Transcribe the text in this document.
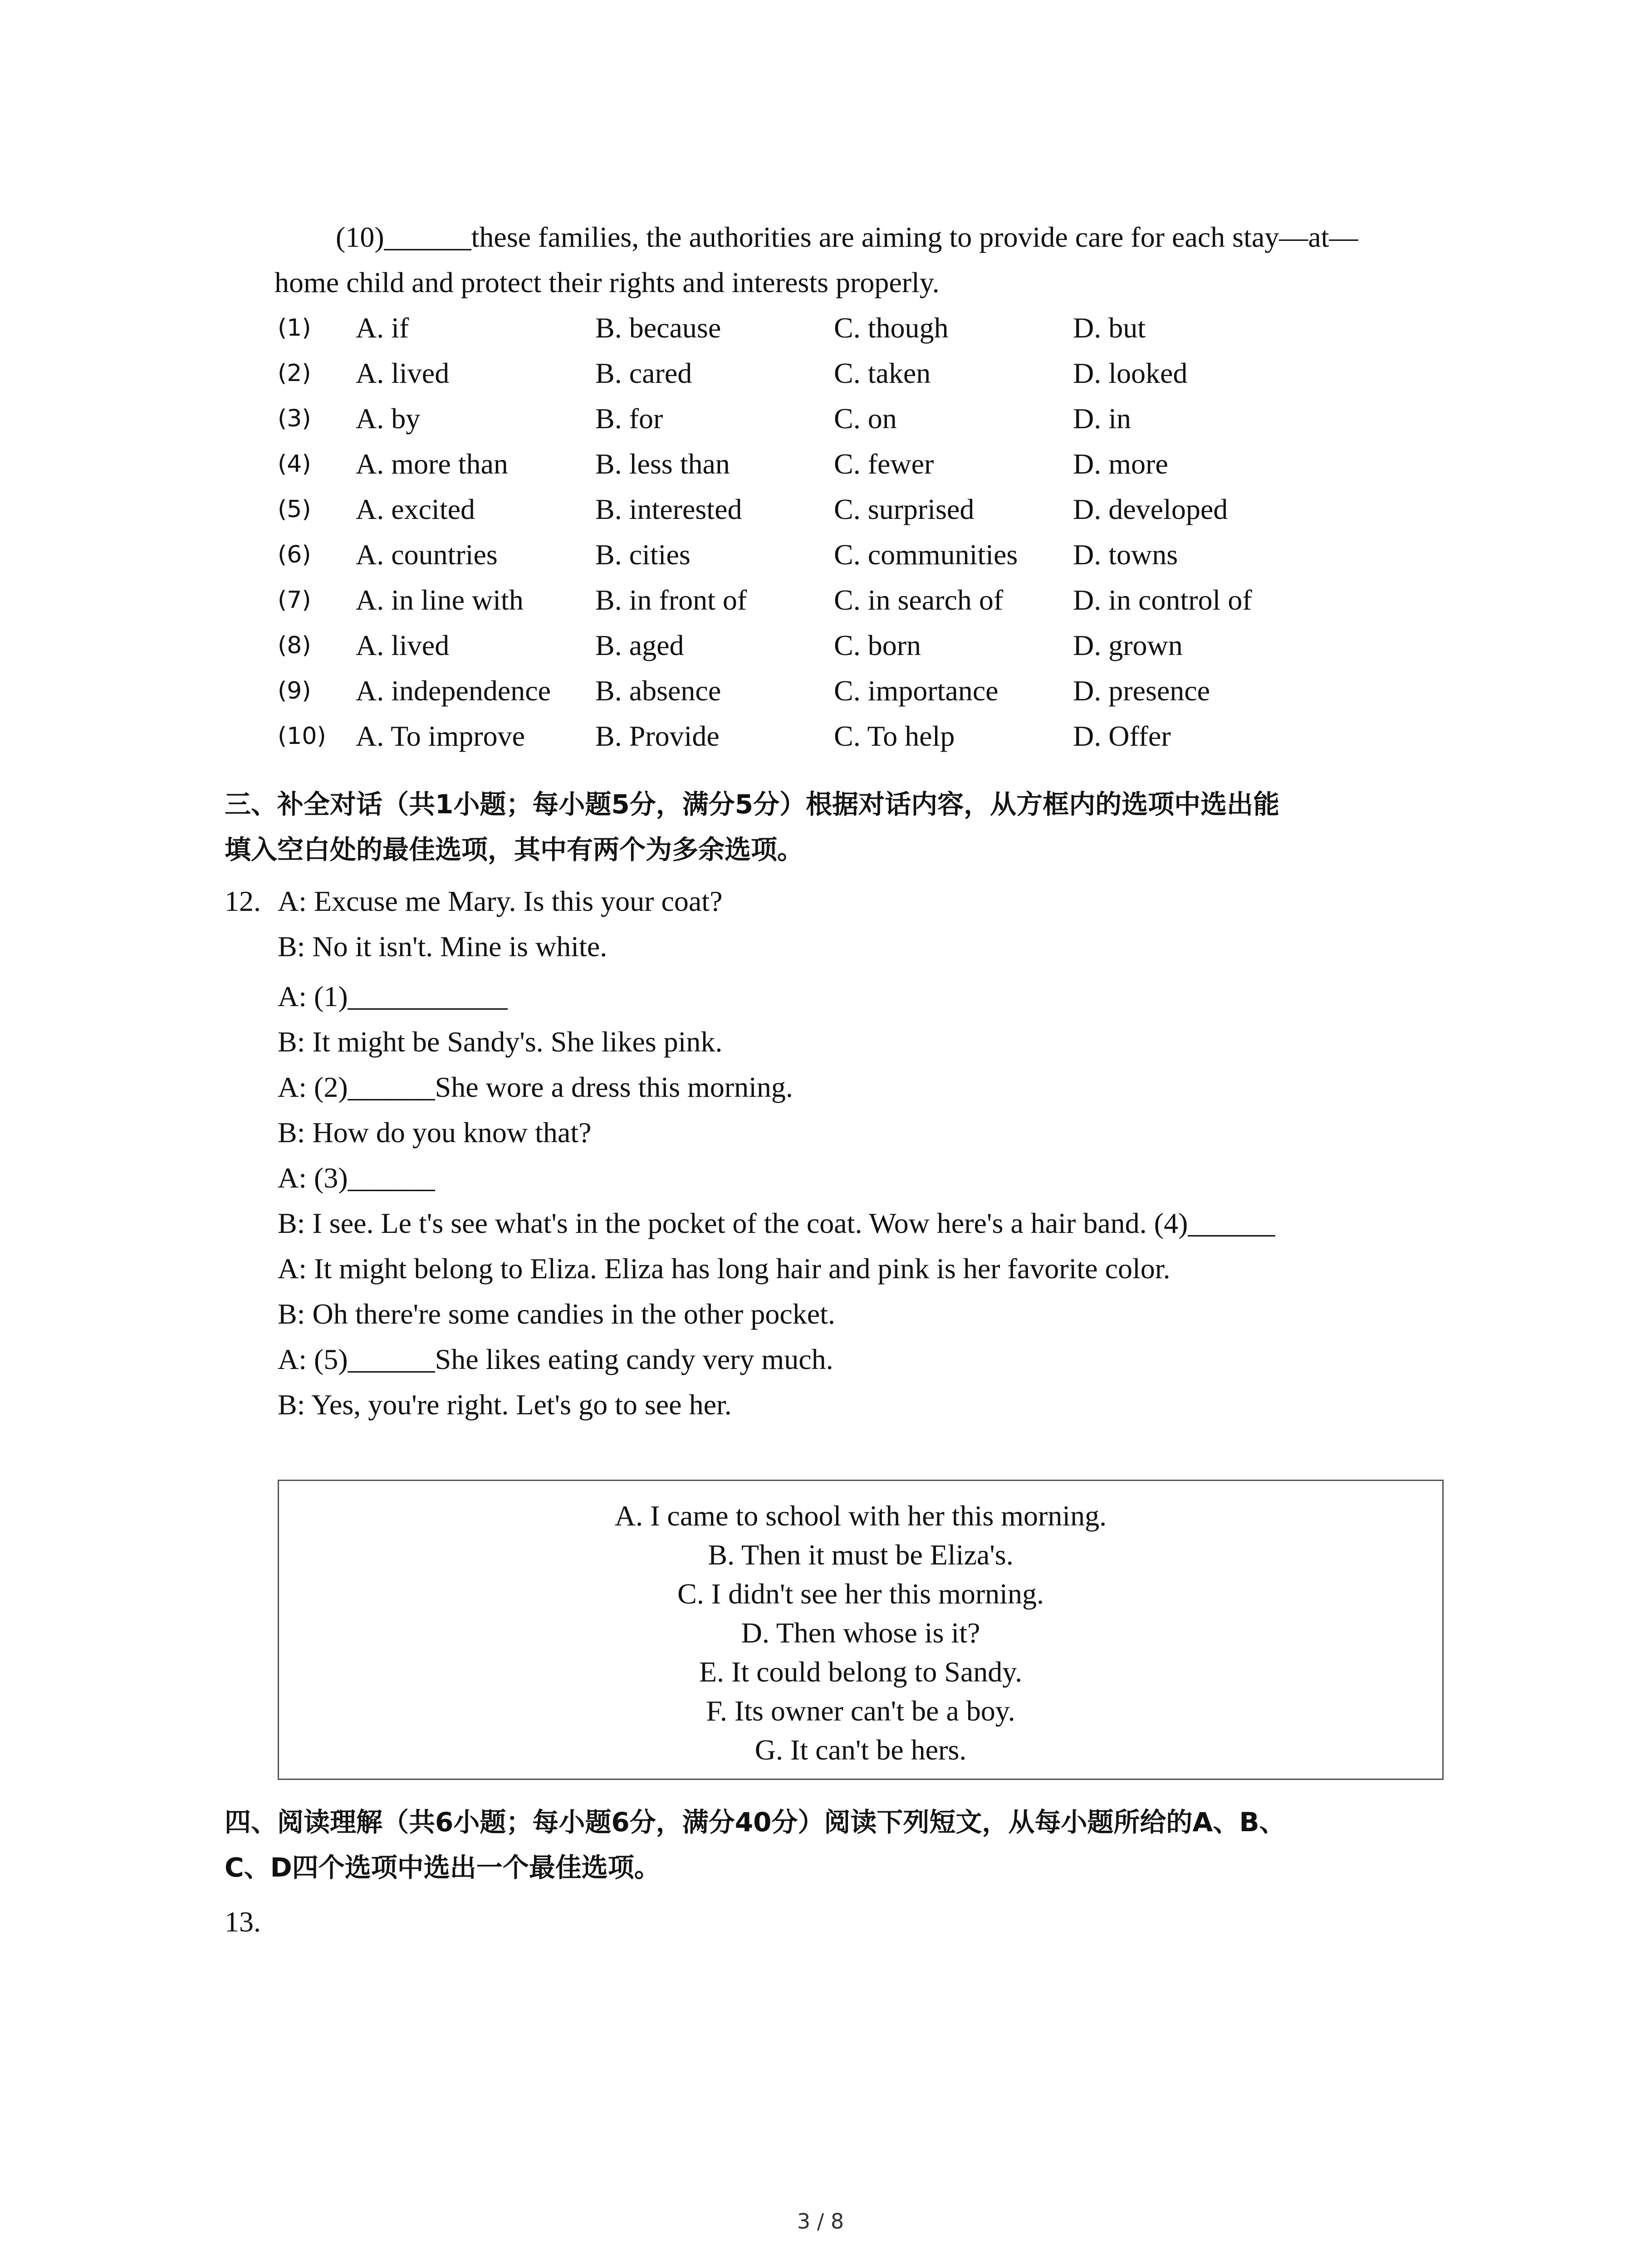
(10)______these families, the authorities are aiming to provide care for each stay—at—
home child and protect their rights and interests properly.
(1)	A. if	B. because	C. though	D. but
(2)	A. lived	B. cared	C. taken	D. looked
(3)	A. by	B. for	C. on	D. in
(4)	A. more than	B. less than	C. fewer	D. more
(5)	A. excited	B. interested	C. surprised	D. developed
(6)	A. countries	B. cities	C. communities D. towns
(7)	A. in line with B. in front of	C. in search of D. in control of
(8)	A. lived	B. aged	C. born	D. grown
(9)	A. independence B. absence	C. importance	D. presence
(10) A. To improve B. Provide	C. To help	D. Offer
三、补全对话（共1小题；每小题5分，满分5分）根据对话内容，从方框内的选项中选出能
填入空白处的最佳选项，其中有两个为多余选项。
12. A: Excuse me Mary. Is this your coat?
B: No it isn't. Mine is white.
A: (1)___________
B: It might be Sandy's. She likes pink.
A: (2)______She wore a dress this morning.
B: How do you know that?
A: (3)______
B: I see. Le t's see what's in the pocket of the coat. Wow here's a hair band. (4)______
A: It might belong to Eliza. Eliza has long hair and pink is her favorite color.
B: Oh there're some candies in the other pocket.
A: (5)______She likes eating candy very much.
B: Yes, you're right. Let's go to see her.
A. I came to school with her this morning.
B. Then it must be Eliza's.
C. I didn't see her this morning.
D. Then whose is it?
E. It could belong to Sandy.
F. Its owner can't be a boy.
G. It can't be hers.
四、阅读理解（共6小题；每小题6分，满分40分）阅读下列短文，从每小题所给的A、B、
C、D四个选项中选出一个最佳选项。
13.
3 / 8
